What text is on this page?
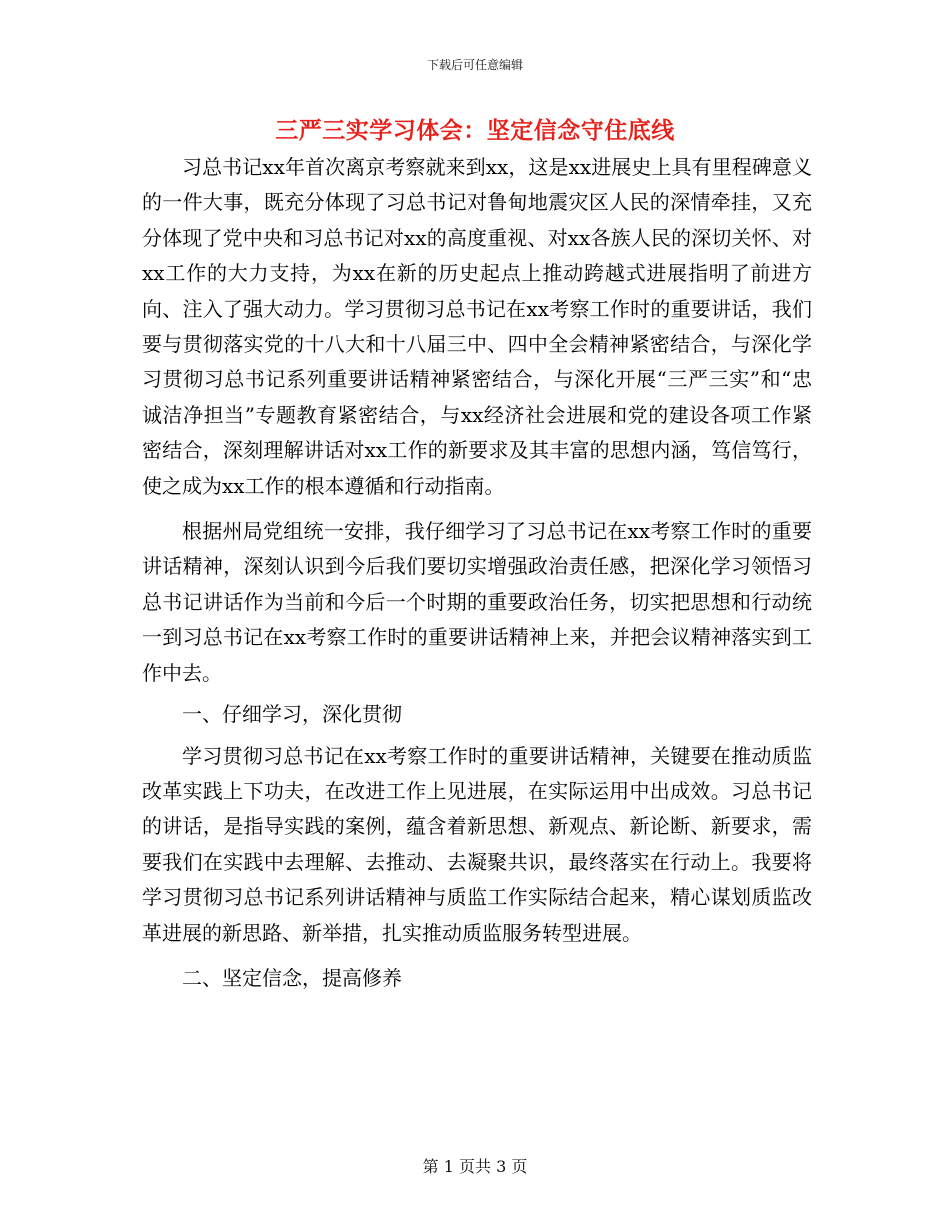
下载后可任意编辑
三严三实学习体会：坚定信念守住底线

习总书记xx年首次离京考察就来到xx，这是xx进展史上具有里程碑意义的一件大事，既充分体现了习总书记对鲁甸地震灾区人民的深情牵挂，又充分体现了党中央和习总书记对xx的高度重视、对xx各族人民的深切关怀、对xx工作的大力支持，为xx在新的历史起点上推动跨越式进展指明了前进方向、注入了强大动力。学习贯彻习总书记在xx考察工作时的重要讲话，我们要与贯彻落实党的十八大和十八届三中、四中全会精神紧密结合，与深化学习贯彻习总书记系列重要讲话精神紧密结合，与深化开展“三严三实”和“忠诚洁净担当”专题教育紧密结合，与xx经济社会进展和党的建设各项工作紧密结合，深刻理解讲话对xx工作的新要求及其丰富的思想内涵，笃信笃行，使之成为xx工作的根本遵循和行动指南。

根据州局党组统一安排，我仔细学习了习总书记在xx考察工作时的重要讲话精神，深刻认识到今后我们要切实增强政治责任感，把深化学习领悟习总书记讲话作为当前和今后一个时期的重要政治任务，切实把思想和行动统一到习总书记在xx考察工作时的重要讲话精神上来，并把会议精神落实到工作中去。

一、仔细学习，深化贯彻

学习贯彻习总书记在xx考察工作时的重要讲话精神，关键要在推动质监改革实践上下功夫，在改进工作上见进展，在实际运用中出成效。习总书记的讲话，是指导实践的案例，蕴含着新思想、新观点、新论断、新要求，需要我们在实践中去理解、去推动、去凝聚共识，最终落实在行动上。我要将学习贯彻习总书记系列讲话精神与质监工作实际结合起来，精心谋划质监改革进展的新思路、新举措，扎实推动质监服务转型进展。

二、坚定信念，提高修养

第 1 页共 3 页
